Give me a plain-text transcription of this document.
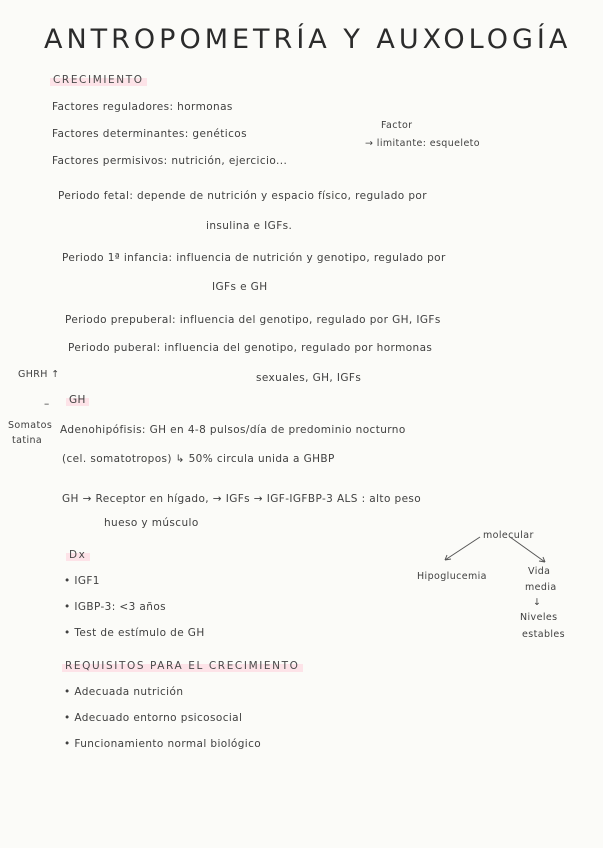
ANTROPOMETRÍA Y AUXOLOGÍA
CRECIMIENTO
Factores reguladores: hormonas
Factores determinantes: genéticos
Factores permisivos: nutrición, ejercicio...
Factor
→ limitante: esqueleto
Periodo fetal: depende de nutrición y espacio físico, regulado por
insulina e IGFs.
Periodo 1ª infancia: influencia de nutrición y genotipo, regulado por
IGFs e GH
Periodo prepuberal: influencia del genotipo, regulado por GH, IGFs
Periodo puberal: influencia del genotipo, regulado por hormonas
sexuales, GH, IGFs
GHRH ↑
– GH
Somatos
tatina
Adenohipófisis: GH en 4-8 pulsos/día de predominio nocturno
(cel. somatotropos) ↳ 50% circula unida a GHBP
GH → Receptor en hígado, → IGFs → IGF-IGFBP-3 ALS : alto peso
hueso y músculo
molecular
Hipoglucemia	Vida
media
↓
Niveles
estables
Dx
• IGF1
• IGBP-3: <3 años
• Test de estímulo de GH
REQUISITOS PARA EL CRECIMIENTO
• Adecuada nutrición
• Adecuado entorno psicosocial
• Funcionamiento normal biológico
